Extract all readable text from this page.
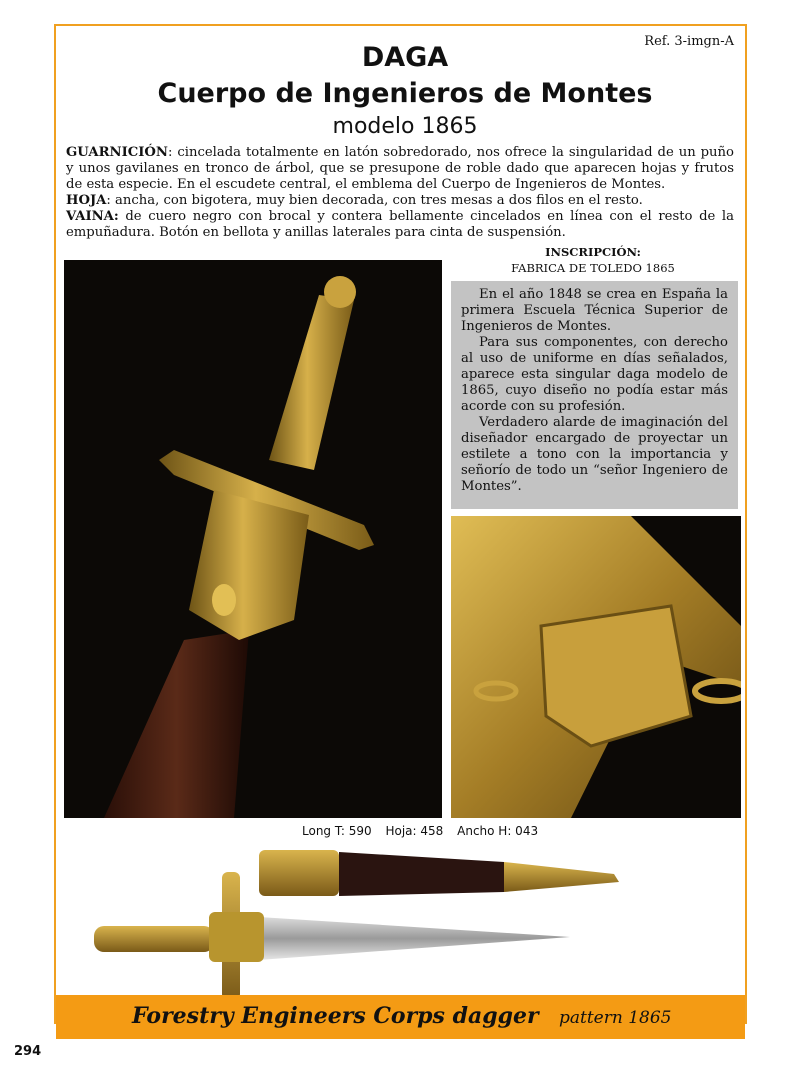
Ref. 3-imgn-A
DAGA
Cuerpo de Ingenieros de Montes
modelo 1865

GUARNICIÓN: cincelada totalmente en latón sobredorado, nos ofrece la singularidad de un puño y unos gavilanes en tronco de árbol, que se presupone de roble dado que aparecen hojas y frutos de esta especie. En el escudete central, el emblema del Cuerpo de Ingenieros de Montes.

HOJA: ancha, con bigotera, muy bien decorada, con tres mesas a dos filos en el resto.

VAINA: de cuero negro con brocal y contera bellamente cincelados en línea con el resto de la empuñadura. Botón en bellota y anillas laterales para cinta de suspensión.

INSCRIPCIÓN:
FABRICA DE TOLEDO 1865

En el año 1848 se crea en España la primera Escuela Técnica Superior de Ingenieros de Montes.

Para sus componentes, con derecho al uso de uniforme en días señalados, aparece esta singular daga modelo de 1865, cuyo diseño no podía estar más acorde con su profesión.

Verdadero alarde de imaginación del diseñador encargado de proyectar un estilete a tono con la importancia y señorío de todo un “señor Ingeniero de Montes”.

Long T: 590 Hoja: 458 Ancho H: 043
Forestry Engineers Corps dagger pattern 1865
294
